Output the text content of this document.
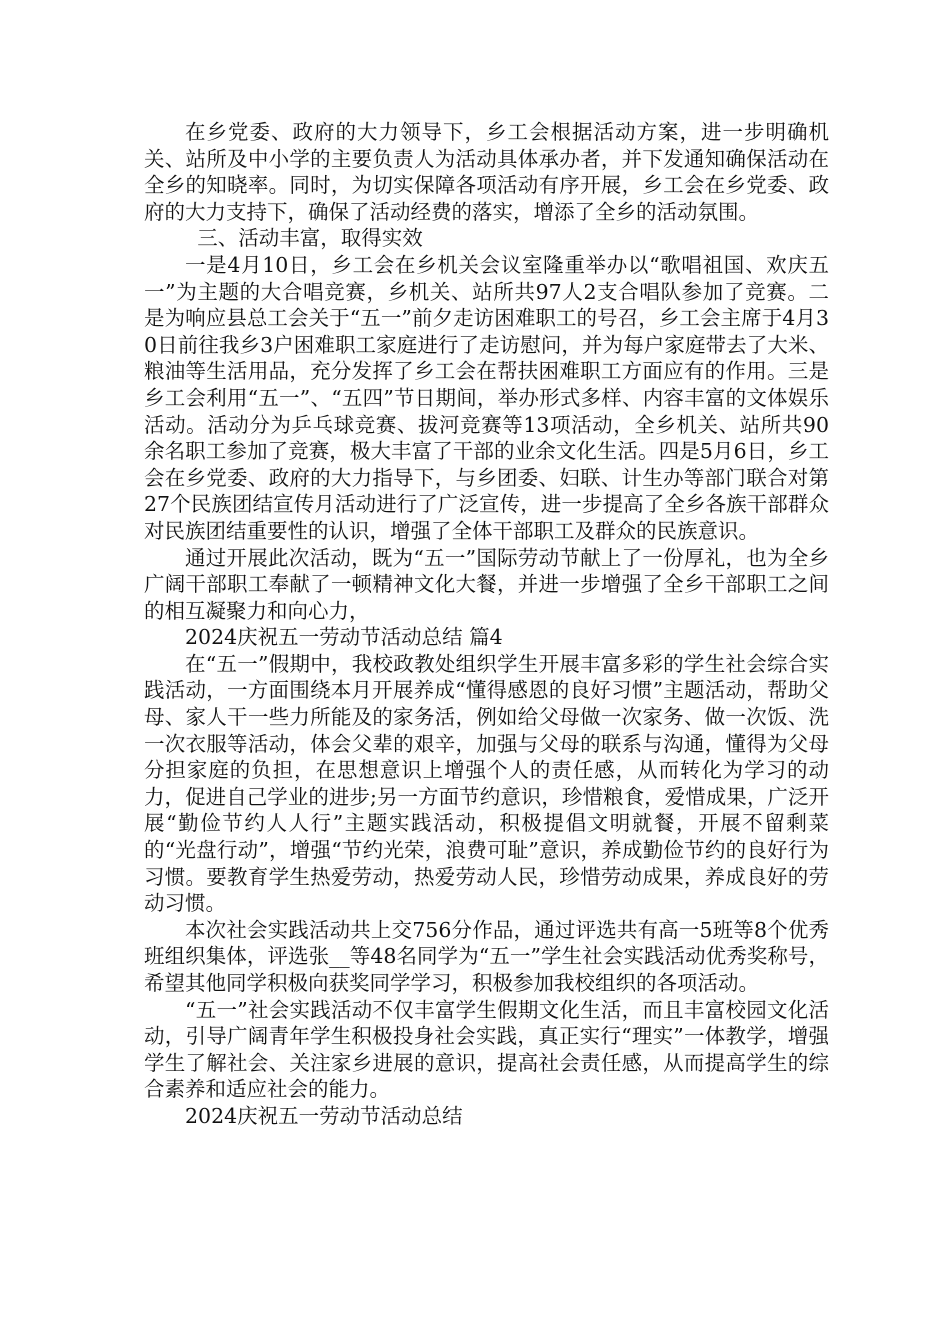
在乡党委、政府的大力领导下，乡工会根据活动方案，进一步明确机关、站所及中小学的主要负责人为活动具体承办者，并下发通知确保活动在全乡的知晓率。同时，为切实保障各项活动有序开展，乡工会在乡党委、政府的大力支持下，确保了活动经费的落实，增添了全乡的活动氛围。

三、活动丰富，取得实效

一是4月10日，乡工会在乡机关会议室隆重举办以“歌唱祖国、欢庆五一”为主题的大合唱竞赛，乡机关、站所共97人2支合唱队参加了竞赛。二是为响应县总工会关于“五一”前夕走访困难职工的号召，乡工会主席于4月30日前往我乡3户困难职工家庭进行了走访慰问，并为每户家庭带去了大米、粮油等生活用品，充分发挥了乡工会在帮扶困难职工方面应有的作用。三是乡工会利用“五一”、“五四”节日期间，举办形式多样、内容丰富的文体娱乐活动。活动分为乒乓球竞赛、拔河竞赛等13项活动，全乡机关、站所共90余名职工参加了竞赛，极大丰富了干部的业余文化生活。四是5月6日，乡工会在乡党委、政府的大力指导下，与乡团委、妇联、计生办等部门联合对第27个民族团结宣传月活动进行了广泛宣传，进一步提高了全乡各族干部群众对民族团结重要性的认识，增强了全体干部职工及群众的民族意识。

通过开展此次活动，既为“五一”国际劳动节献上了一份厚礼，也为全乡广阔干部职工奉献了一顿精神文化大餐，并进一步增强了全乡干部职工之间的相互凝聚力和向心力，

2024庆祝五一劳动节活动总结 篇4

在“五一”假期中，我校政教处组织学生开展丰富多彩的学生社会综合实践活动，一方面围绕本月开展养成“懂得感恩的良好习惯”主题活动，帮助父母、家人干一些力所能及的家务活，例如给父母做一次家务、做一次饭、洗一次衣服等活动，体会父辈的艰辛，加强与父母的联系与沟通，懂得为父母分担家庭的负担，在思想意识上增强个人的责任感，从而转化为学习的动力，促进自己学业的进步;另一方面节约意识，珍惜粮食，爱惜成果，广泛开展“勤俭节约人人行”主题实践活动，积极提倡文明就餐，开展不留剩菜的“光盘行动”，增强“节约光荣，浪费可耻”意识，养成勤俭节约的良好行为习惯。要教育学生热爱劳动，热爱劳动人民，珍惜劳动成果，养成良好的劳动习惯。

本次社会实践活动共上交756分作品，通过评选共有高一5班等8个优秀班组织集体，评选张__等48名同学为“五一”学生社会实践活动优秀奖称号，希望其他同学积极向获奖同学学习，积极参加我校组织的各项活动。

“五一”社会实践活动不仅丰富学生假期文化生活，而且丰富校园文化活动，引导广阔青年学生积极投身社会实践，真正实行“理实”一体教学，增强学生了解社会、关注家乡进展的意识，提高社会责任感，从而提高学生的综合素养和适应社会的能力。

2024庆祝五一劳动节活动总结
